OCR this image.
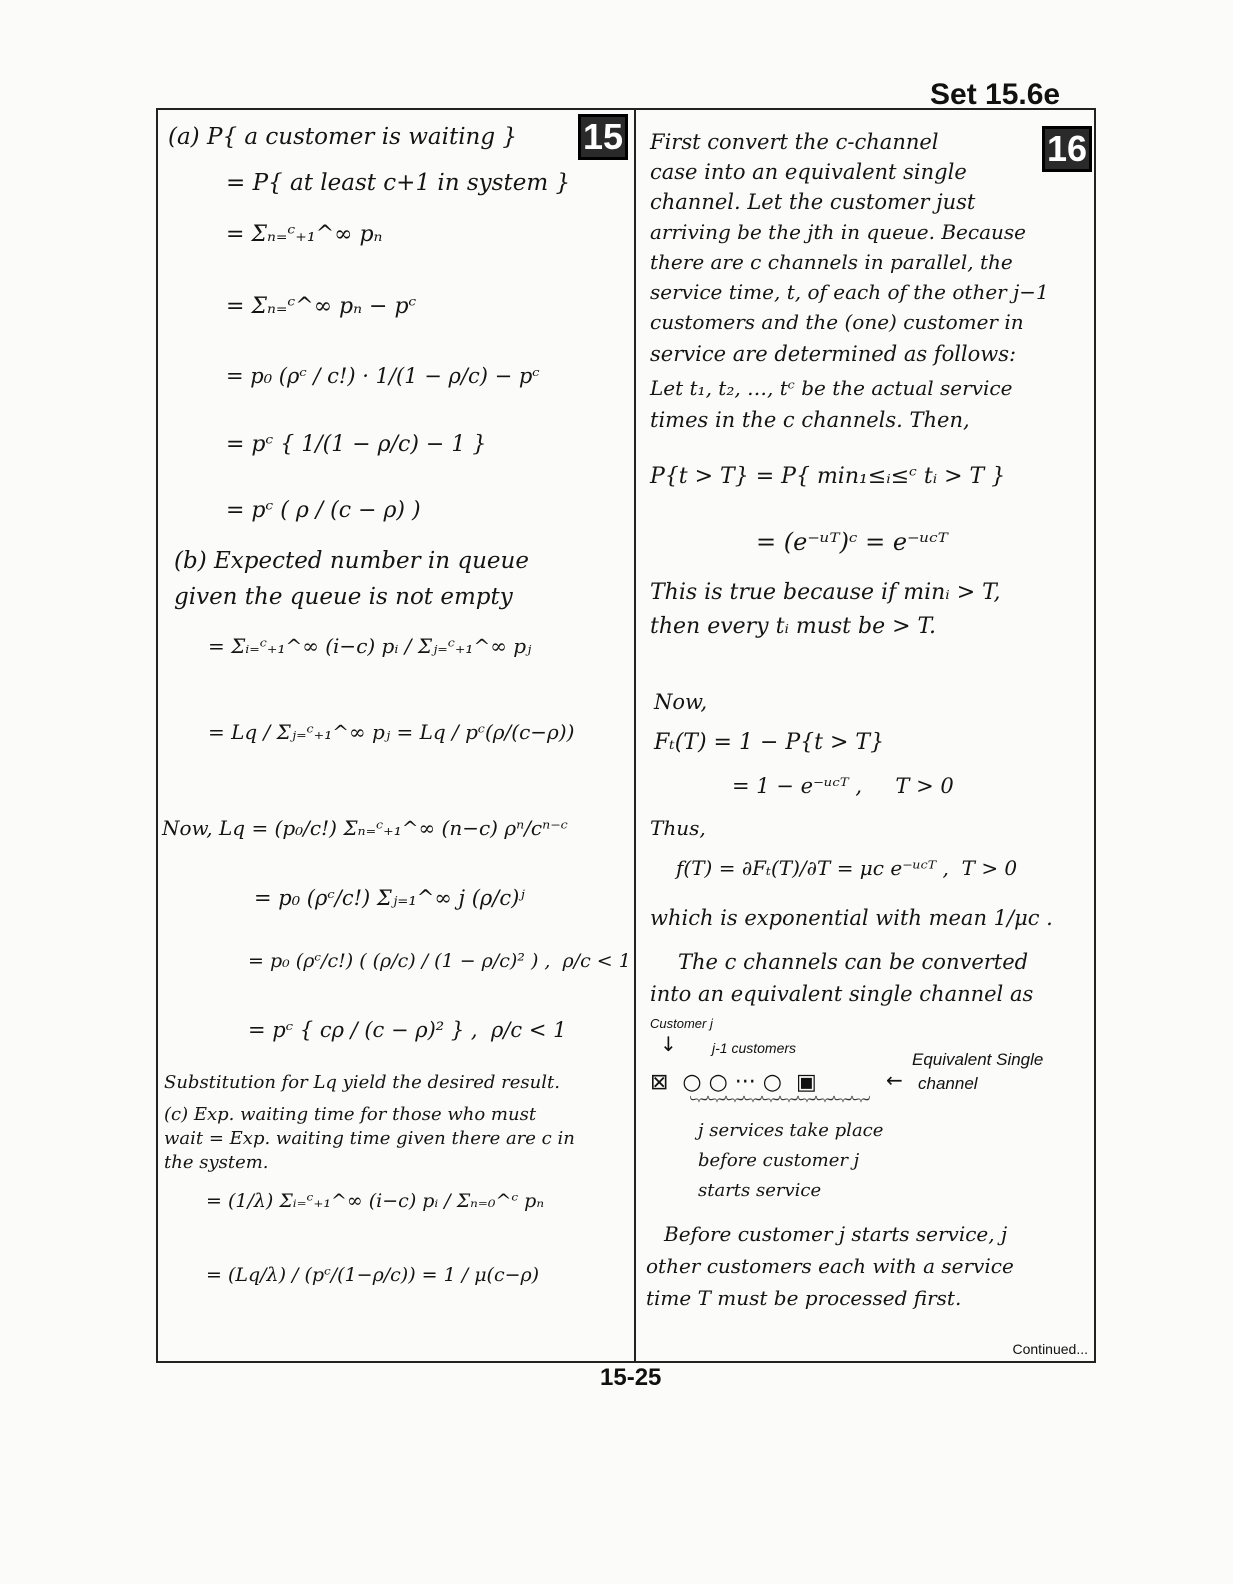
Set 15.6e
15	16
(a) P{ a customer is waiting }
= P{ at least c+1 in system }
= Σₙ₌ᶜ₊₁^∞ pₙ
= Σₙ₌ᶜ^∞ pₙ − pᶜ
= p₀ (ρᶜ / c!) · 1/(1 − ρ/c) − pᶜ
= pᶜ { 1/(1 − ρ/c) − 1 }
= pᶜ ( ρ / (c − ρ) )
(b) Expected number in queue
given the queue is not empty
= Σᵢ₌ᶜ₊₁^∞ (i−c) pᵢ / Σⱼ₌ᶜ₊₁^∞ pⱼ
= Lq / Σⱼ₌ᶜ₊₁^∞ pⱼ = Lq / pᶜ(ρ/(c−ρ))
Now, Lq = (p₀/c!) Σₙ₌ᶜ₊₁^∞ (n−c) ρⁿ/cⁿ⁻ᶜ
= p₀ (ρᶜ/c!) Σⱼ₌₁^∞ j (ρ/c)ʲ
= p₀ (ρᶜ/c!) ( (ρ/c) / (1 − ρ/c)² ) ,  ρ/c < 1
= pᶜ { cρ / (c − ρ)² } ,  ρ/c < 1
Substitution for Lq yield the desired result.
(c) Exp. waiting time for those who must
wait = Exp. waiting time given there are c in
the system.
= (1/λ) Σᵢ₌ᶜ₊₁^∞ (i−c) pᵢ / Σₙ₌₀^ᶜ pₙ
= (Lq/λ) / (pᶜ/(1−ρ/c)) = 1 / μ(c−ρ)
First convert the c-channel
case into an equivalent single
channel. Let the customer just
arriving be the jth in queue. Because
there are c channels in parallel, the
service time, t, of each of the other j−1
customers and the (one) customer in
service are determined as follows:
Let t₁, t₂, …, tᶜ be the actual service
times in the c channels. Then,
P{t > T} = P{ min₁≤ᵢ≤ᶜ tᵢ > T }
= (e⁻ᵘᵀ)ᶜ = e⁻ᵘᶜᵀ
This is true because if minᵢ > T,
then every tᵢ must be > T.
Now,
Fₜ(T) = 1 − P{t > T}
= 1 − e⁻ᵘᶜᵀ ,     T > 0
Thus,
f(T) = ∂Fₜ(T)/∂T = μc e⁻ᵘᶜᵀ ,  T > 0
which is exponential with mean 1/μc .
The c channels can be converted
into an equivalent single channel as
Customer j
↓	j-1 customers
Equivalent Single
⊠  ○ ○ ··· ○  ▣	← channel
︸︸︸︸︸︸︸︸︸︸
j services take place
before customer j
starts service
Before customer j starts service, j
other customers each with a service
time T must be processed first.
Continued...
15-25
